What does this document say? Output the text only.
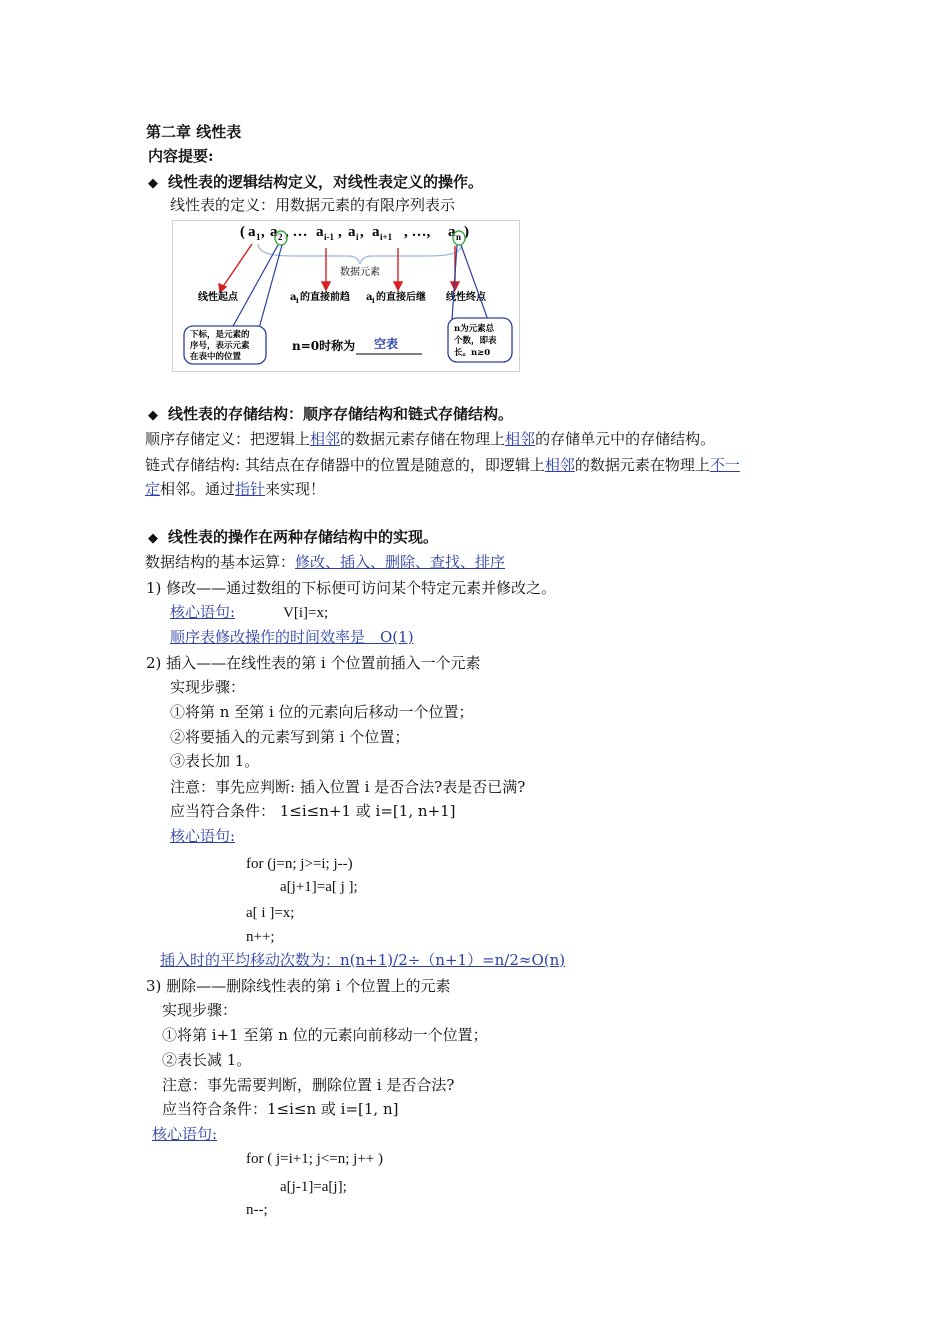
第二章 线性表
内容提要:
◆ 线性表的逻辑结构定义，对线性表定义的操作。
线性表的定义：用数据元素的有限序列表示
( a 1 , a 2 , … a i-1 , a i , a i+1 , …, a n )
数据元素
线性起点	a i 的直接前趋 a i 的直接后继 线性终点
下标，是元素的
序号，表示元素
在表中的位置
n=0时称为 空表
n为元素总
个数，即表
长。n≥0
◆ 线性表的存储结构：顺序存储结构和链式存储结构。
顺序存储定义：把逻辑上相邻的数据元素存储在物理上相邻的存储单元中的存储结构。
链式存储结构: 其结点在存储器中的位置是随意的，即逻辑上相邻的数据元素在物理上不一
定相邻。通过指针来实现！
◆ 线性表的操作在两种存储结构中的实现。
数据结构的基本运算：修改、插入、删除、查找、排序
1) 修改——通过数组的下标便可访问某个特定元素并修改之。
核心语句:	V[i]=x;
顺序表修改操作的时间效率是　O(1)
2) 插入——在线性表的第 i 个位置前插入一个元素
实现步骤：
①将第 n 至第 i 位的元素向后移动一个位置；
②将要插入的元素写到第 i 个位置；
③表长加 1。
注意：事先应判断: 插入位置 i 是否合法?表是否已满?
应当符合条件： 1≤i≤n+1 或 i=[1, n+1]
核心语句:
for (j=n; j>=i; j--)
a[j+1]=a[ j ];
a[ i ]=x;
n++;
插入时的平均移动次数为：n(n+1)/2÷（n+1）=n/2≈O(n)
3) 删除——删除线性表的第 i 个位置上的元素
实现步骤：
①将第 i+1 至第 n 位的元素向前移动一个位置；
②表长减 1。
注意：事先需要判断，删除位置 i 是否合法?
应当符合条件：1≤i≤n 或 i=[1, n]
核心语句:
for ( j=i+1; j<=n; j++ )
a[j-1]=a[j];
n--;
